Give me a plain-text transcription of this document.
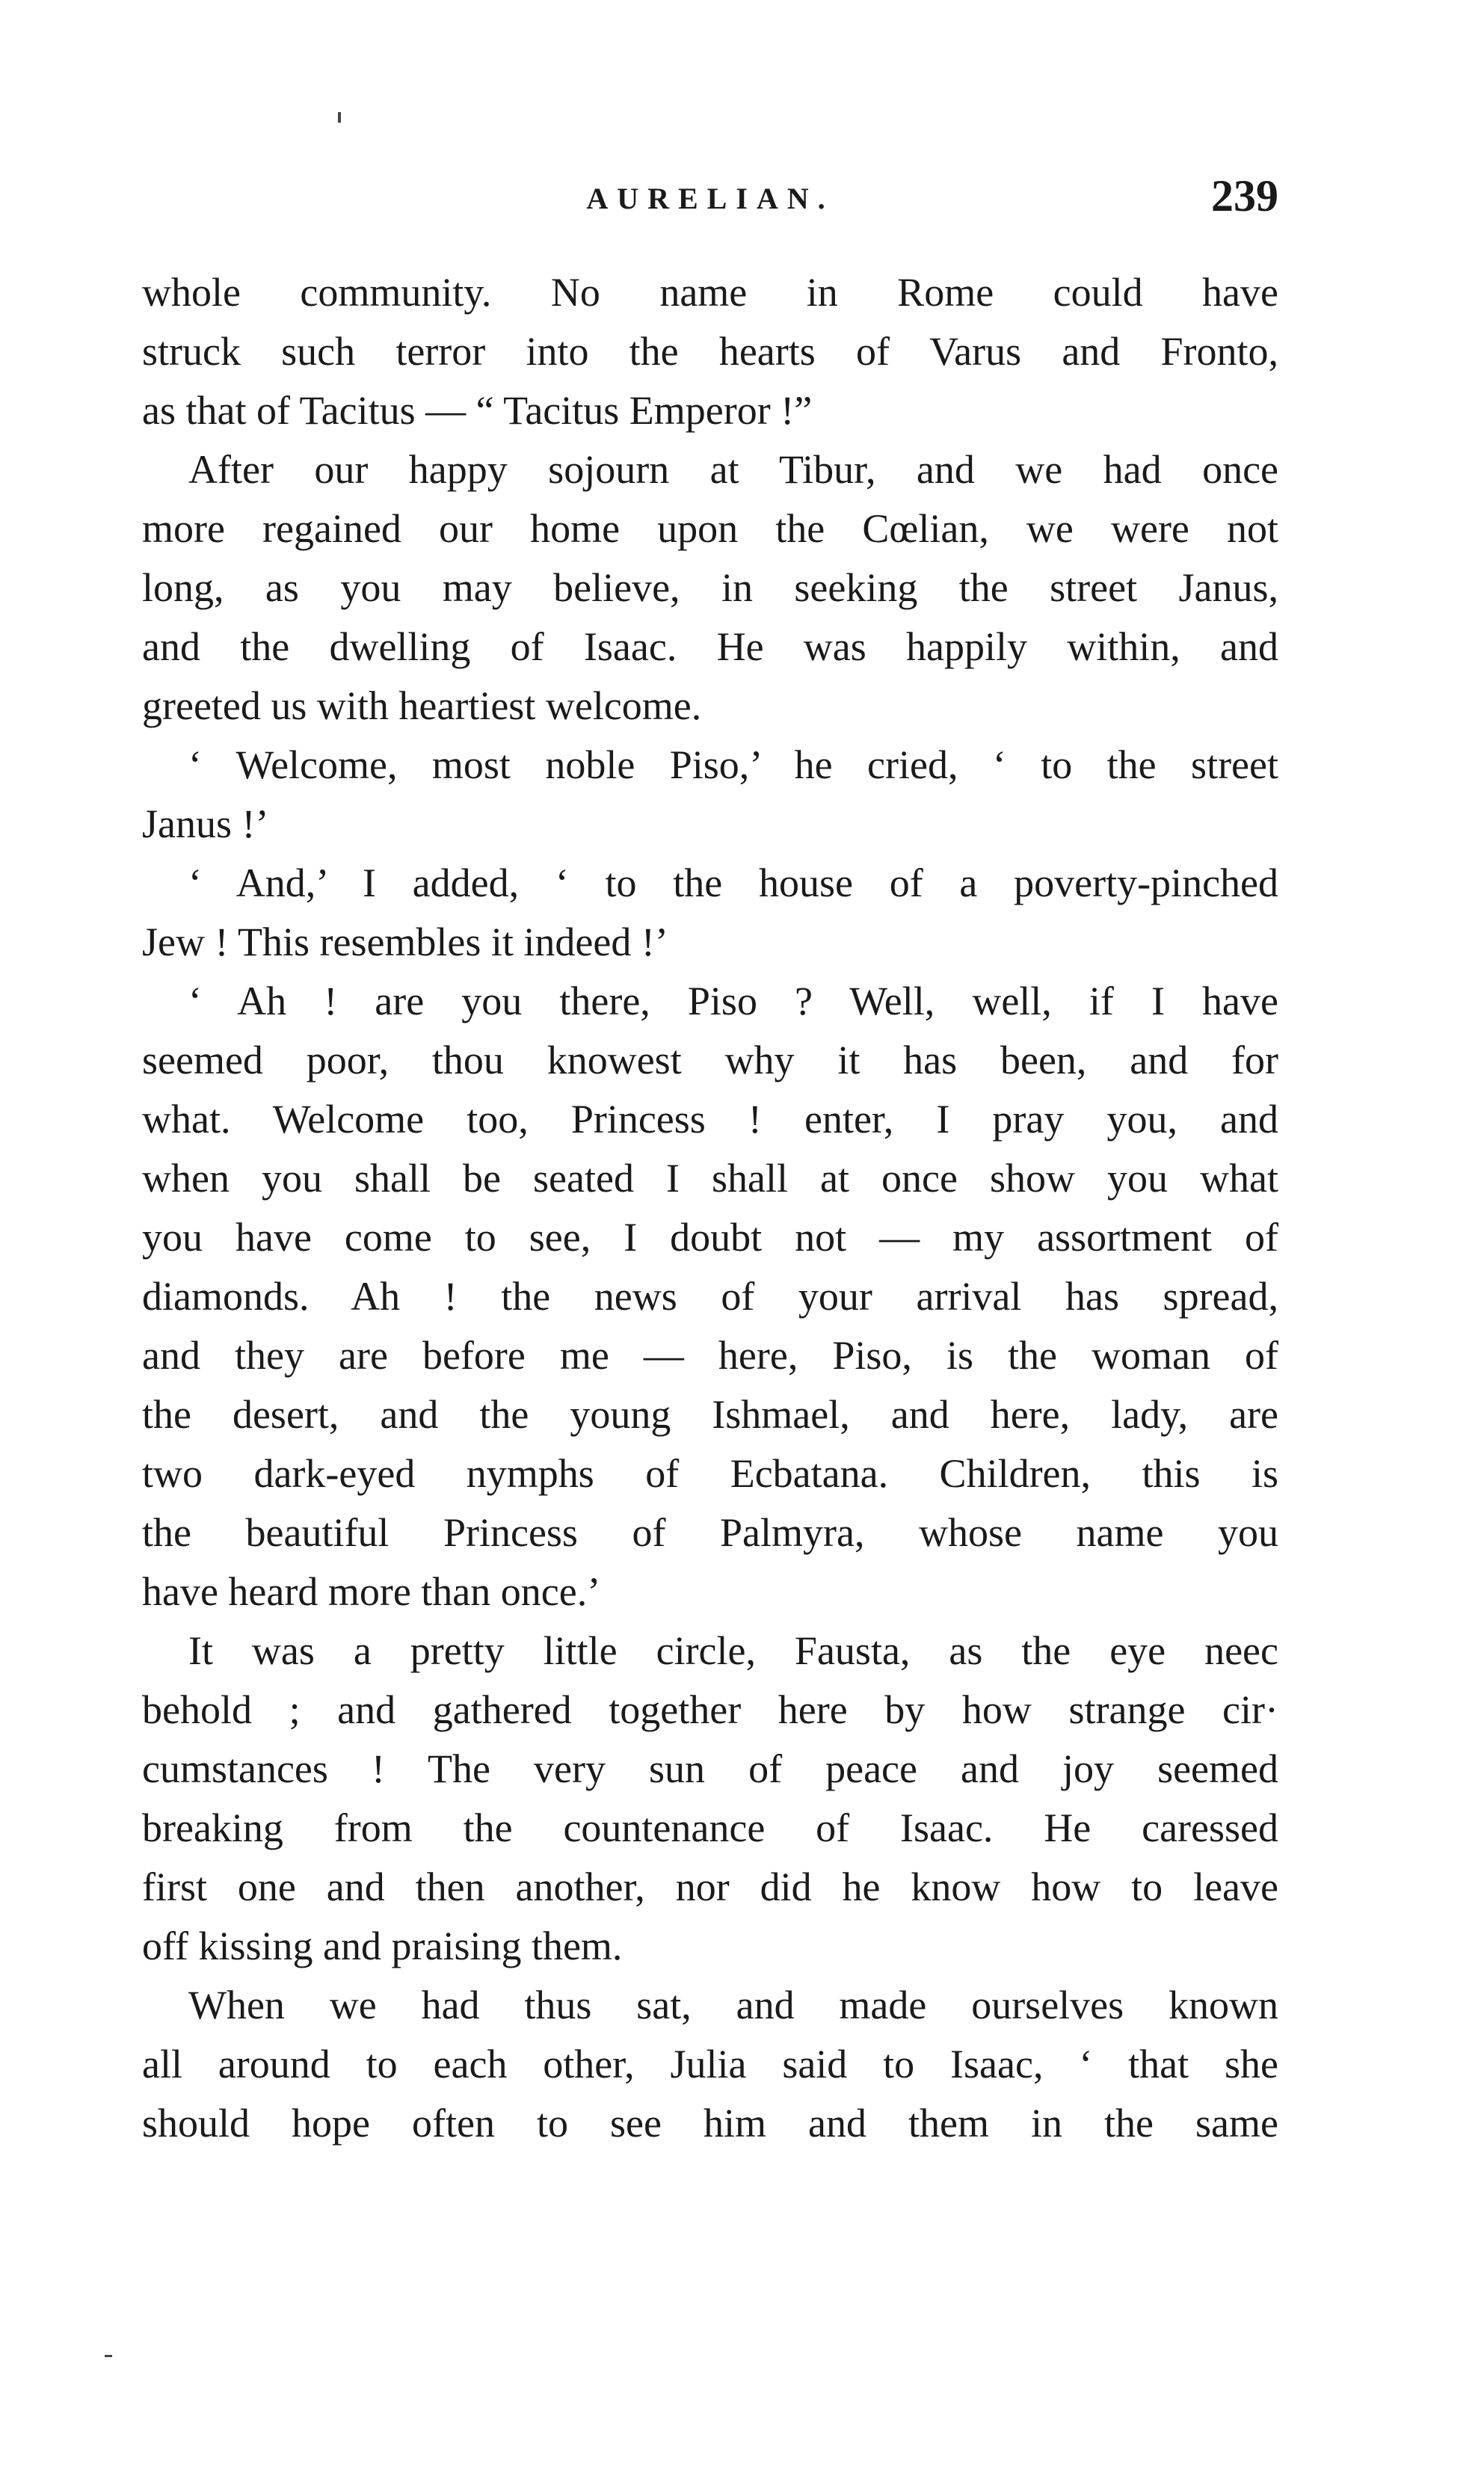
AURELIAN.	239
whole community. No name in Rome could have
struck such terror into the hearts of Varus and Fronto,
as that of Tacitus — “ Tacitus Emperor !”
After our happy sojourn at Tibur, and we had once
more regained our home upon the Cœlian, we were not
long, as you may believe, in seeking the street Janus,
and the dwelling of Isaac. He was happily within, and
greeted us with heartiest welcome.
‘ Welcome, most noble Piso,’ he cried, ‘ to the street
Janus !’
‘ And,’ I added, ‘ to the house of a poverty-pinched
Jew ! This resembles it indeed !’
‘ Ah ! are you there, Piso ? Well, well, if I have
seemed poor, thou knowest why it has been, and for
what. Welcome too, Princess ! enter, I pray you, and
when you shall be seated I shall at once show you what
you have come to see, I doubt not — my assortment of
diamonds. Ah ! the news of your arrival has spread,
and they are before me — here, Piso, is the woman of
the desert, and the young Ishmael, and here, lady, are
two dark-eyed nymphs of Ecbatana. Children, this is
the beautiful Princess of Palmyra, whose name you
have heard more than once.’
It was a pretty little circle, Fausta, as the eye neec
behold ; and gathered together here by how strange cir·
cumstances ! The very sun of peace and joy seemed
breaking from the countenance of Isaac. He caressed
first one and then another, nor did he know how to leave
off kissing and praising them.
When we had thus sat, and made ourselves known
all around to each other, Julia said to Isaac, ‘ that she
should hope often to see him and them in the same
